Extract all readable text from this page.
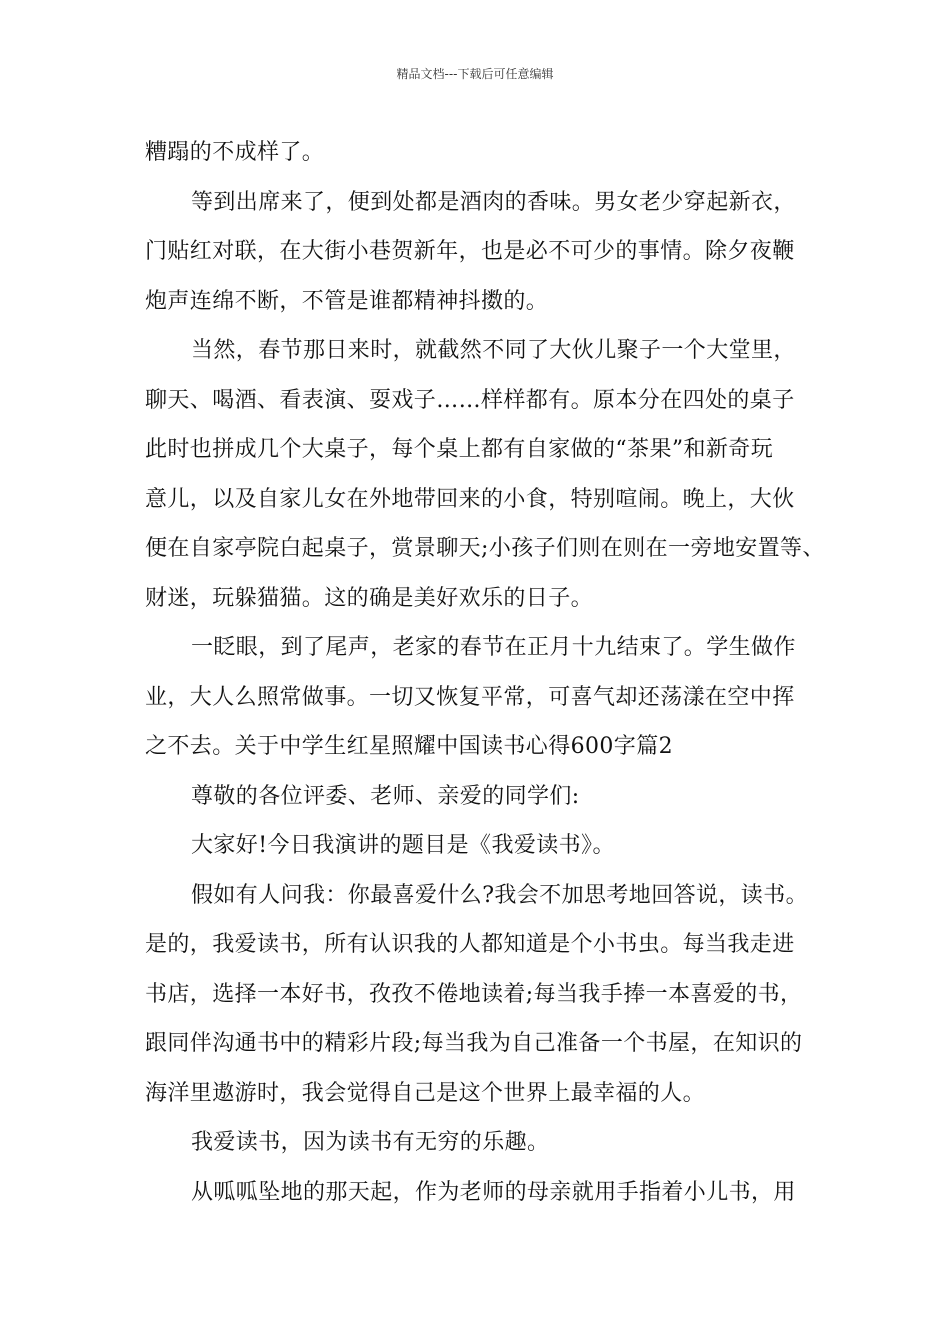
精品文档---下载后可任意编辑
糟蹋的不成样了。
等到出席来了，便到处都是酒肉的香味。男女老少穿起新衣，
门贴红对联，在大街小巷贺新年，也是必不可少的事情。除夕夜鞭
炮声连绵不断，不管是谁都精神抖擞的。
当然，春节那日来时，就截然不同了大伙儿聚子一个大堂里，
聊天、喝酒、看表演、耍戏子……样样都有。原本分在四处的桌子
此时也拼成几个大桌子，每个桌上都有自家做的“茶果”和新奇玩
意儿，以及自家儿女在外地带回来的小食，特别喧闹。晚上，大伙
便在自家亭院白起桌子，赏景聊天;小孩子们则在则在一旁地安置等、
财迷，玩躲猫猫。这的确是美好欢乐的日子。
一眨眼，到了尾声，老家的春节在正月十九结束了。学生做作
业，大人么照常做事。一切又恢复平常，可喜气却还荡漾在空中挥
之不去。关于中学生红星照耀中国读书心得600字篇2
尊敬的各位评委、老师、亲爱的同学们:
大家好!今日我演讲的题目是《我爱读书》。
假如有人问我：你最喜爱什么?我会不加思考地回答说，读书。
是的，我爱读书，所有认识我的人都知道是个小书虫。每当我走进
书店，选择一本好书，孜孜不倦地读着;每当我手捧一本喜爱的书，
跟同伴沟通书中的精彩片段;每当我为自己准备一个书屋，在知识的
海洋里遨游时，我会觉得自己是这个世界上最幸福的人。
我爱读书，因为读书有无穷的乐趣。
从呱呱坠地的那天起，作为老师的母亲就用手指着小儿书，用
